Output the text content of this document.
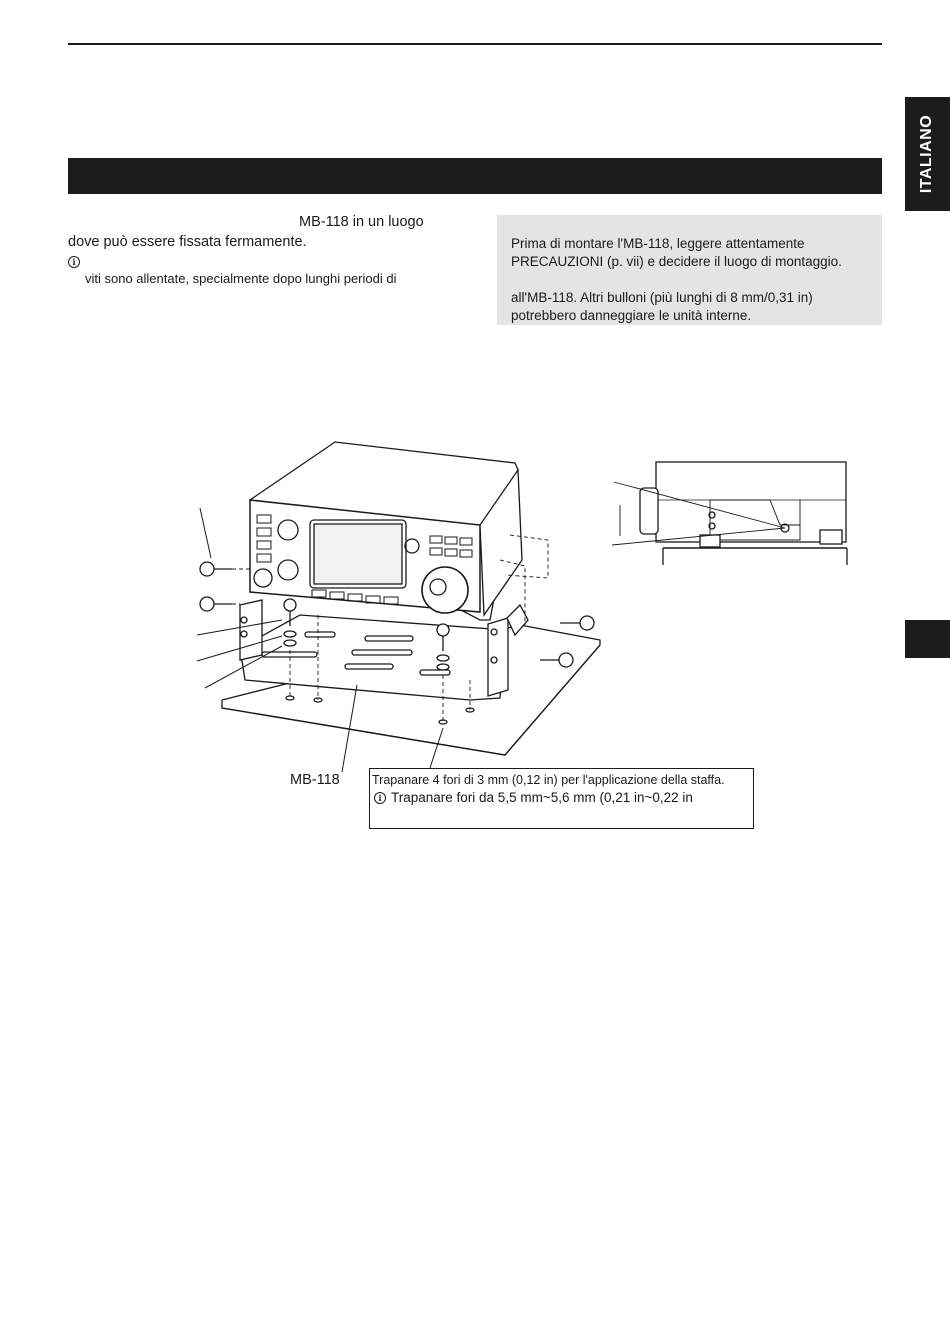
ITALIANO
MB-118 in un luogo
dove può essere fissata fermamente.
i
viti sono allentate, specialmente dopo lunghi periodi di

Prima di montare l'MB-118, leggere attentamente

PRECAUZIONI (p. vii) e decidere il luogo di montaggio.

all'MB-118. Altri bulloni (più lunghi di 8 mm/0,31 in)

potrebbero danneggiare le unità interne.

MB-118	Trapanare 4 fori di 3 mm (0,12 in) per l'applicazione della staffa.
i Trapanare fori da 5,5 mm~5,6 mm (0,21 in~0,22 in
